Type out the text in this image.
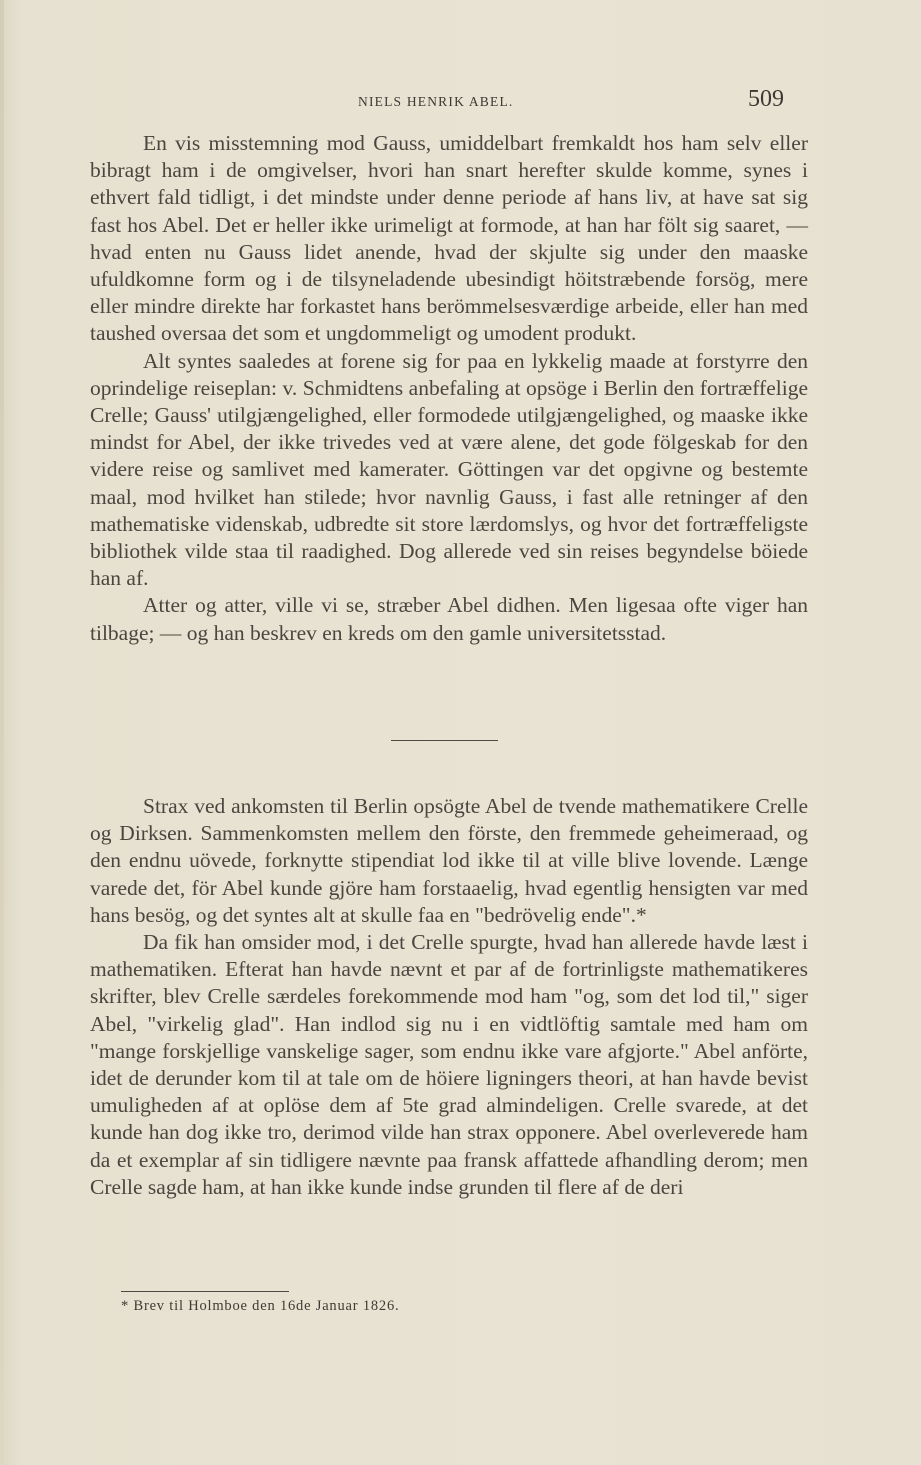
NIELS HENRIK ABEL.	509

En vis misstemning mod Gauss, umiddelbart fremkaldt hos ham selv eller bibragt ham i de omgivelser, hvori han snart herefter skulde komme, synes i ethvert fald tidligt, i det mindste under denne periode af hans liv, at have sat sig fast hos Abel. Det er heller ikke urimeligt at formode, at han har fölt sig saaret, — hvad enten nu Gauss lidet anende, hvad der skjulte sig under den maaske ufuldkomne form og i de tilsyneladende ubesindigt höitstræbende forsög, mere eller mindre direkte har forkastet hans berömmelsesværdige arbeide, eller han med taushed oversaa det som et ungdommeligt og umodent produkt.

Alt syntes saaledes at forene sig for paa en lykkelig maade at forstyrre den oprindelige reiseplan: v. Schmidtens anbefaling at opsöge i Berlin den fortræffelige Crelle; Gauss' utilgjængelighed, eller formodede utilgjængelighed, og maaske ikke mindst for Abel, der ikke trivedes ved at være alene, det gode fölgeskab for den videre reise og samlivet med kamerater. Göttingen var det opgivne og bestemte maal, mod hvilket han stilede; hvor navnlig Gauss, i fast alle retninger af den mathematiske videnskab, udbredte sit store lærdomslys, og hvor det fortræffeligste bibliothek vilde staa til raadighed. Dog allerede ved sin reises begyndelse böiede han af.

Atter og atter, ville vi se, stræber Abel didhen. Men ligesaa ofte viger han tilbage; — og han beskrev en kreds om den gamle universitetsstad.

Strax ved ankomsten til Berlin opsögte Abel de tvende mathematikere Crelle og Dirksen. Sammenkomsten mellem den förste, den fremmede geheimeraad, og den endnu uövede, forknytte stipendiat lod ikke til at ville blive lovende. Længe varede det, för Abel kunde gjöre ham forstaaelig, hvad egentlig hensigten var med hans besög, og det syntes alt at skulle faa en "bedrövelig ende".*

Da fik han omsider mod, i det Crelle spurgte, hvad han allerede havde læst i mathematiken. Efterat han havde nævnt et par af de fortrinligste mathematikeres skrifter, blev Crelle særdeles forekommende mod ham "og, som det lod til," siger Abel, "virkelig glad". Han indlod sig nu i en vidtlöftig samtale med ham om "mange forskjellige vanskelige sager, som endnu ikke vare afgjorte." Abel anförte, idet de derunder kom til at tale om de höiere ligningers theori, at han havde bevist umuligheden af at oplöse dem af 5te grad almindeligen. Crelle svarede, at det kunde han dog ikke tro, derimod vilde han strax opponere. Abel overleverede ham da et exemplar af sin tidligere nævnte paa fransk affattede afhandling derom; men Crelle sagde ham, at han ikke kunde indse grunden til flere af de deri

* Brev til Holmboe den 16de Januar 1826.
